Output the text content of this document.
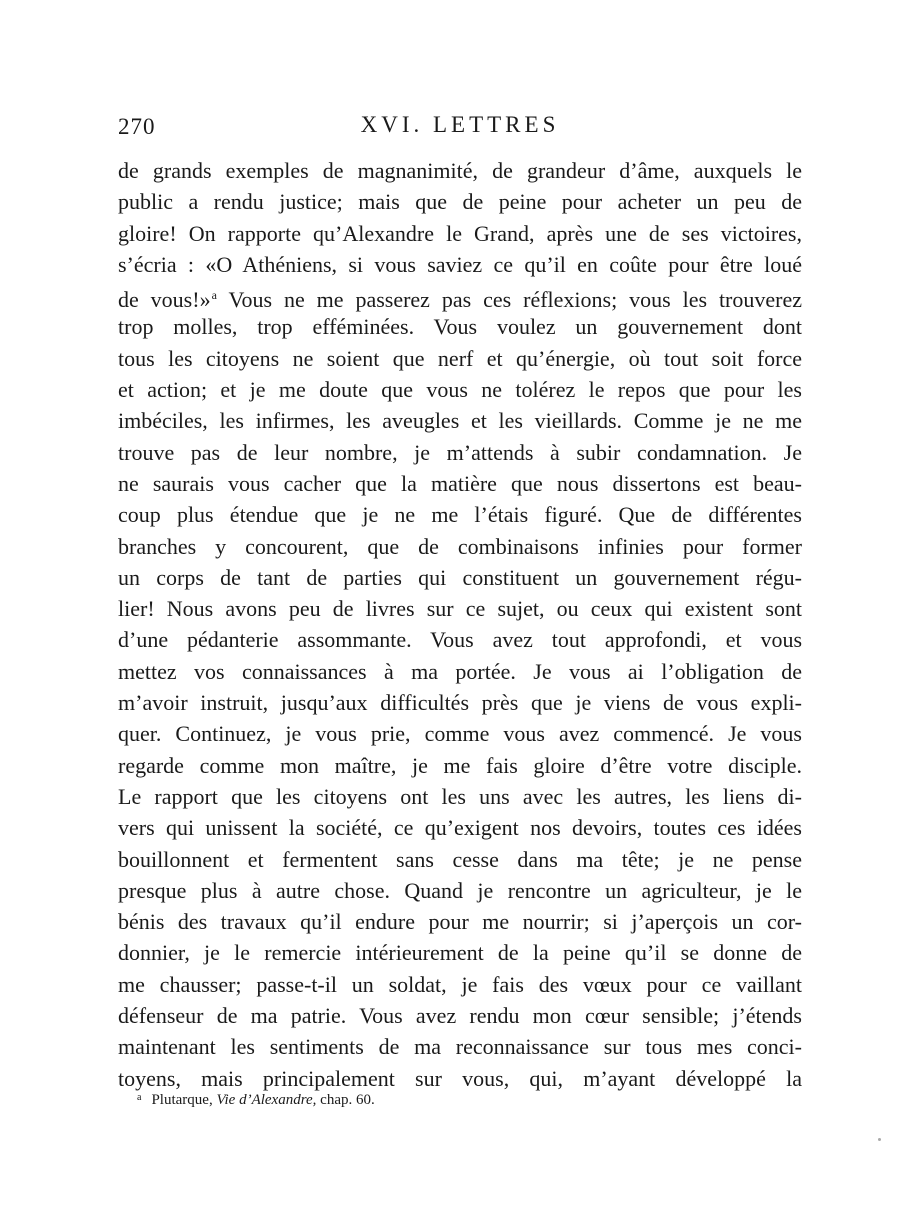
270	XVI. LETTRES
de grands exemples de magnanimité, de grandeur d’âme, auxquels le
public a rendu justice; mais que de peine pour acheter un peu de
gloire! On rapporte qu’Alexandre le Grand, après une de ses victoires,
s’écria : «O Athéniens, si vous saviez ce qu’il en coûte pour être loué
de vous!»$^a$ Vous ne me passerez pas ces réflexions; vous les trouverez
trop molles, trop efféminées. Vous voulez un gouvernement dont
tous les citoyens ne soient que nerf et qu’énergie, où tout soit force
et action; et je me doute que vous ne tolérez le repos que pour les
imbéciles, les infirmes, les aveugles et les vieillards. Comme je ne me
trouve pas de leur nombre, je m’attends à subir condamnation. Je
ne saurais vous cacher que la matière que nous dissertons est beau-
coup plus étendue que je ne me l’étais figuré. Que de différentes
branches y concourent, que de combinaisons infinies pour former
un corps de tant de parties qui constituent un gouvernement régu-
lier! Nous avons peu de livres sur ce sujet, ou ceux qui existent sont
d’une pédanterie assommante. Vous avez tout approfondi, et vous
mettez vos connaissances à ma portée. Je vous ai l’obligation de
m’avoir instruit, jusqu’aux difficultés près que je viens de vous expli-
quer. Continuez, je vous prie, comme vous avez commencé. Je vous
regarde comme mon maître, je me fais gloire d’être votre disciple.
Le rapport que les citoyens ont les uns avec les autres, les liens di-
vers qui unissent la société, ce qu’exigent nos devoirs, toutes ces idées
bouillonnent et fermentent sans cesse dans ma tête; je ne pense
presque plus à autre chose. Quand je rencontre un agriculteur, je le
bénis des travaux qu’il endure pour me nourrir; si j’aperçois un cor-
donnier, je le remercie intérieurement de la peine qu’il se donne de
me chausser; passe-t-il un soldat, je fais des vœux pour ce vaillant
défenseur de ma patrie. Vous avez rendu mon cœur sensible; j’étends
maintenant les sentiments de ma reconnaissance sur tous mes conci-
toyens, mais principalement sur vous, qui, m’ayant développé la
$^a$ Plutarque, Vie d’Alexandre, chap. 60.
